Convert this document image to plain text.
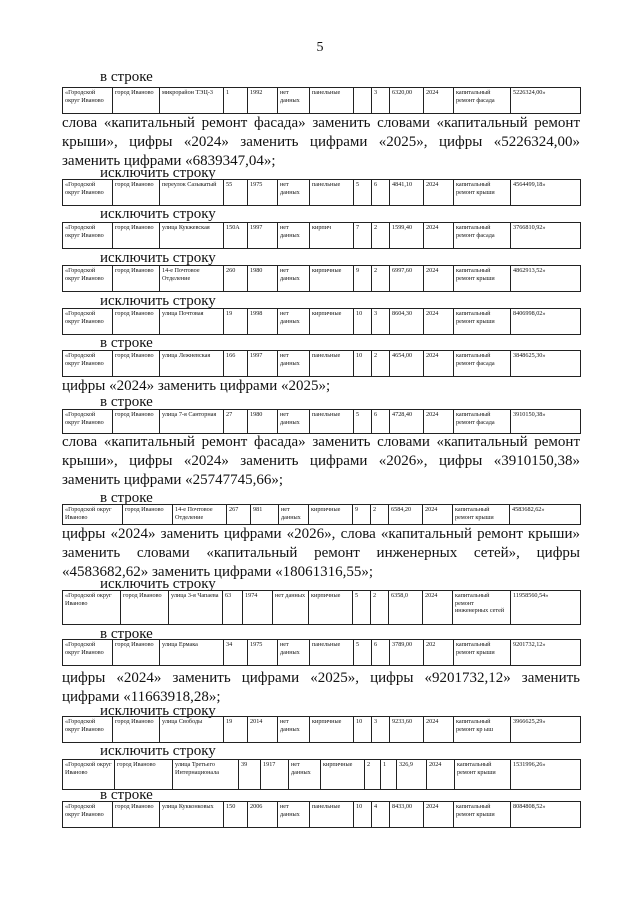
5
в строке
«Городской округ Иваново	город Иваново	микрорайон ТЭЦ-3	1	1992	нет данных	панельные		3	6320,00	2024	капитальный ремонт фасада	5226324,00»
слова «капитальный ремонт фасада» заменить словами «капитальный ремонт крыши», цифры «2024» заменить цифрами «2025», цифры «5226324,00» заменить цифрами «6839347,04»;
исключить строку
«Городской округ Иваново	город Иваново	переулок Сазыкатый	55	1975	нет данных	панельные	5	6	4841,10	2024	капитальный ремонт крыши	4564499,18»
исключить строку
«Городской округ Иваново	город Иваново	улица Кукжевская	150А	1997	нет данных	кирпич	7	2	1599,40	2024	капитальный ремонт фасада	3766810,92»
исключить строку
«Городской округ Иваново	город Иваново	14-е Почтовое Отделение	260	1980	нет данных	кирпичные	9	2	6997,60	2024	капитальный ремонт крыши	4862913,52»
исключить строку
«Городской округ Иваново	город Иваново	улица Почтовая	19	1998	нет данных	кирпичные	10	3	8604,30	2024	капитальный ремонт крыши	8406998,02»
в строке
«Городской округ Иваново	город Иваново	улица Лежневская	166	1997	нет данных	панельные	10	2	4654,00	2024	капитальный ремонт фасада	3848625,30»
цифры «2024» заменить цифрами «2025»;
в строке
«Городской округ Иваново	город Иваново	улица 7-я Санторная	27	1980	нет данных	панельные	5	6	4728,40	2024	капитальный ремонт фасада	3910150,38»
слова «капитальный ремонт фасада» заменить словами «капитальный ремонт крыши», цифры «2024» заменить цифрами «2026», цифры «3910150,38» заменить цифрами «25747745,66»;
в строке
«Городской округ Иваново	город Иваново	14-е Почтовое Отделение	267	981	нет данных	кирпичные	9	2	6584,20	2024	капитальный ремонт крыши	4583682,62»
цифры «2024» заменить цифрами «2026», слова «капитальный ремонт крыши» заменить словами «капитальный ремонт инженерных сетей», цифры «4583682,62» заменить цифрами «18061316,55»;
исключить строку
«Городской округ Иваново	город Иваново	улица 3-я Чапаева	63	1974	нет данных	кирпичные	5	2	6358,0	2024	капитальный ремонт инженерных сетей	11958560,54»
в строке
«Городской округ Иваново	город Иваново	улица Ермака	34	1975	нет данных	панельные	5	6	3789,00	202	капитальный ремонт крыши	9201732,12»
цифры «2024» заменить цифрами «2025», цифры «9201732,12» заменить цифрами «11663918,28»;
исключить строку
«Городской округ Иваново	город Иваново	улица Свободы	19	2014	нет данных	кирпичные	10	3	9233,60	2024	капитальный ремонт кр ыш	3966625,29»
исключить строку
«Городской округ Иваново	город Иваново	улица Третьего Интернационала	39	1917	нет данных	кирпичные	2	1	326,9	2024	капитальный ремонт крыши	1531996,26»
в строке
«Городской округ Иваново	город Иваново	улица Кукконковых	150	2006	нет данных	панельные	10	4	8433,00	2024	капитальный ремонт крыши	8084808,52»
